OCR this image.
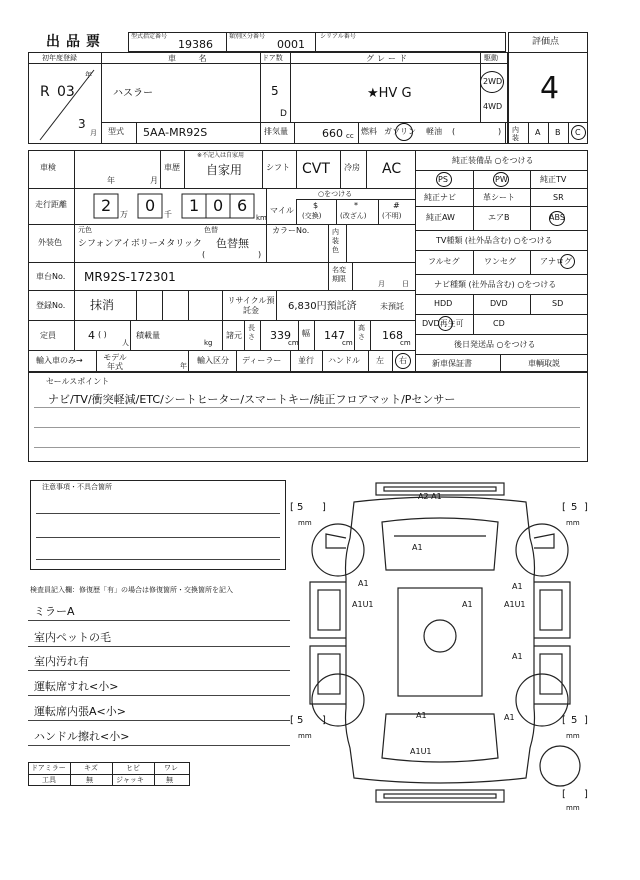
出品票	型式指定番号
19386
類別区分番号
0001
シリアル番号
評価点
4
初年度登録
年
R 03
3
月
車 名
ハスラー
ドア数
5
D
グレード
★HV G
駆動
2WD
4WD
型式 5AA-MR92S	排気量	660 cc 燃料 ガソリン 軽油 (	) 内装
A B C
車検
年	月
車歴
※不記入は自家用
自家用	シフト CVT 冷房 AC
走行距離 2 万 0 千 1 0 6
km
○をつける
マイル
$
(交換)
*
(改ざん)
#
(不明)
外装色
元色
シフォンアイボリーメタリック
色替
色替無
(	)
カラーNo.	内装色
車台No. MR92S-172301	名変期限
月 日
登録No. 抹消	リサイクル預託金	6,830円預託済	未預託
定員	4 ( )
人
積載量
kg
諸元
長さ 339
cm
幅 147
cm
高さ 168
cm
輸入車のみ→	モデル年式	年
輸入区分 ディーラー 並行 ハンドル 左 右
純正装備品 ○をつける
PS	PW	純正TV
純正ナビ	革シート	SR
純正AW	エアB	ABS
TV種類 (社外品含む) ○をつける
フルセグ	ワンセグ	アナログ
ナビ種類 (社外品含む) ○をつける
HDD	DVD	SD
DVD再生可	CD
後日発送品 ○をつける
新車保証書	車輌取説
セールスポイント
ナビ/TV/衝突軽減/ETC/シートヒーター/スマートキー/純正フロアマット/Pセンサー
注意事項・不具合箇所
検査員記入欄：修復歴「有」の場合は修復箇所・交換箇所を記入
ミラーA
室内ペットの毛
室内汚れ有
運転席すれ<小>
運転席内張A<小>
ハンドル擦れ<小>
ドアミラー	キズ	ヒビ	ワレ
工具	無	ジャッキ	無
A2 A1
A1
A1
A1U1
A1
A1U1
A1
A1
A1	A1
A1U1
5
[	]
mm
5
[ ]
mm
5
[	]
mm
5
[ ]
mm
[ ]
mm
